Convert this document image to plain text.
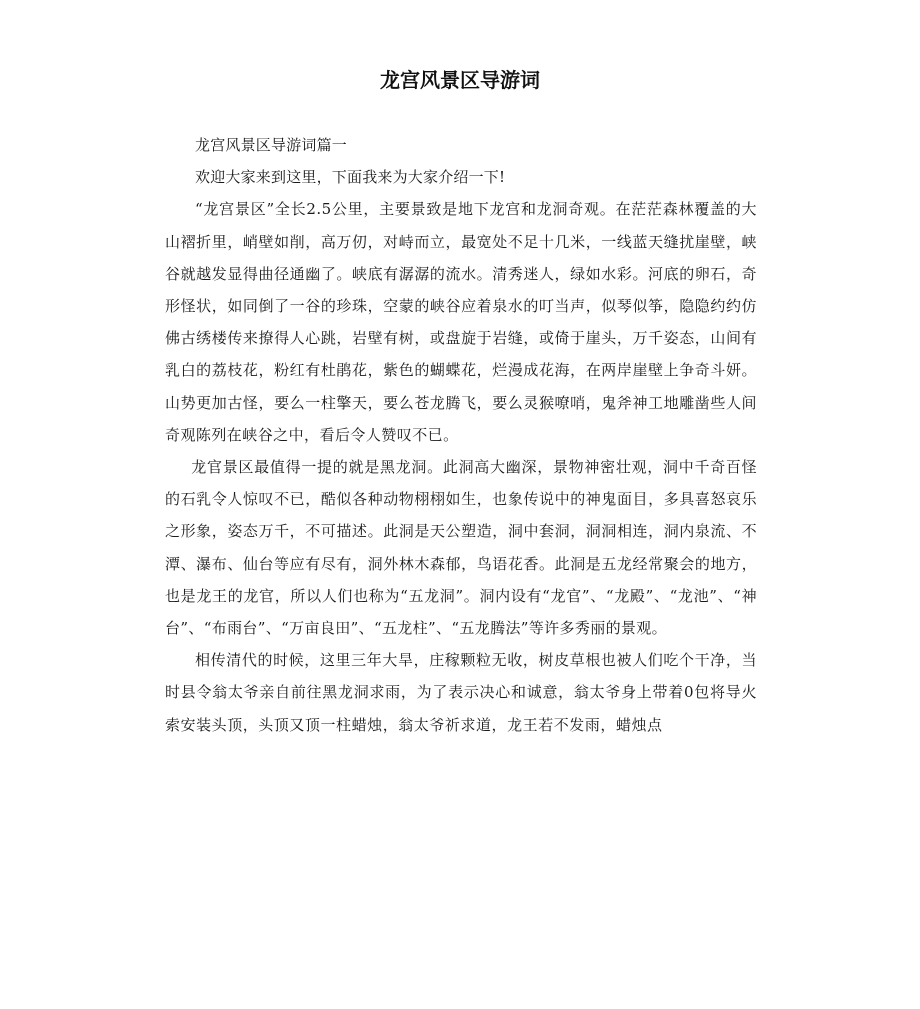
龙宫风景区导游词

龙宫风景区导游词篇一

欢迎大家来到这里，下面我来为大家介绍一下!

“龙宫景区”全长2.5公里，主要景致是地下龙宫和龙洞奇观。在茫茫森林覆盖的大山褶折里，峭壁如削，高万仞，对峙而立，最宽处不足十几米，一线蓝天缝扰崖壁，峡谷就越发显得曲径通幽了。峡底有潺潺的流水。清秀迷人，绿如水彩。河底的卵石，奇形怪状，如同倒了一谷的珍珠，空蒙的峡谷应着泉水的叮当声，似琴似筝，隐隐约约仿佛古绣楼传来撩得人心跳，岩壁有树，或盘旋于岩缝，或倚于崖头，万千姿态，山间有乳白的荔枝花，粉红有杜鹃花，紫色的蝴蝶花，烂漫成花海，在两岸崖壁上争奇斗妍。山势更加古怪，要么一柱擎天，要么苍龙腾飞，要么灵猴嘹哨，鬼斧神工地雕凿些人间奇观陈列在峡谷之中，看后令人赞叹不已。

龙官景区最值得一提的就是黑龙洞。此洞高大幽深，景物神密壮观，洞中千奇百怪的石乳令人惊叹不已，酷似各种动物栩栩如生，也象传说中的神鬼面目，多具喜怒哀乐之形象，姿态万千，不可描述。此洞是天公塑造，洞中套洞，洞洞相连，洞内泉流、不潭、瀑布、仙台等应有尽有，洞外林木森郁，鸟语花香。此洞是五龙经常聚会的地方，也是龙王的龙官，所以人们也称为“五龙洞”。洞内设有“龙官”、“龙殿”、“龙池”、“神台”、“布雨台”、“万亩良田”、“五龙柱”、“五龙腾法”等许多秀丽的景观。

相传清代的时候，这里三年大旱，庄稼颗粒无收，树皮草根也被人们吃个干净，当时县令翁太爷亲自前往黑龙洞求雨，为了表示决心和诚意，翁太爷身上带着0包将导火索安装头顶，头顶又顶一柱蜡烛，翁太爷祈求道，龙王若不发雨，蜡烛点
